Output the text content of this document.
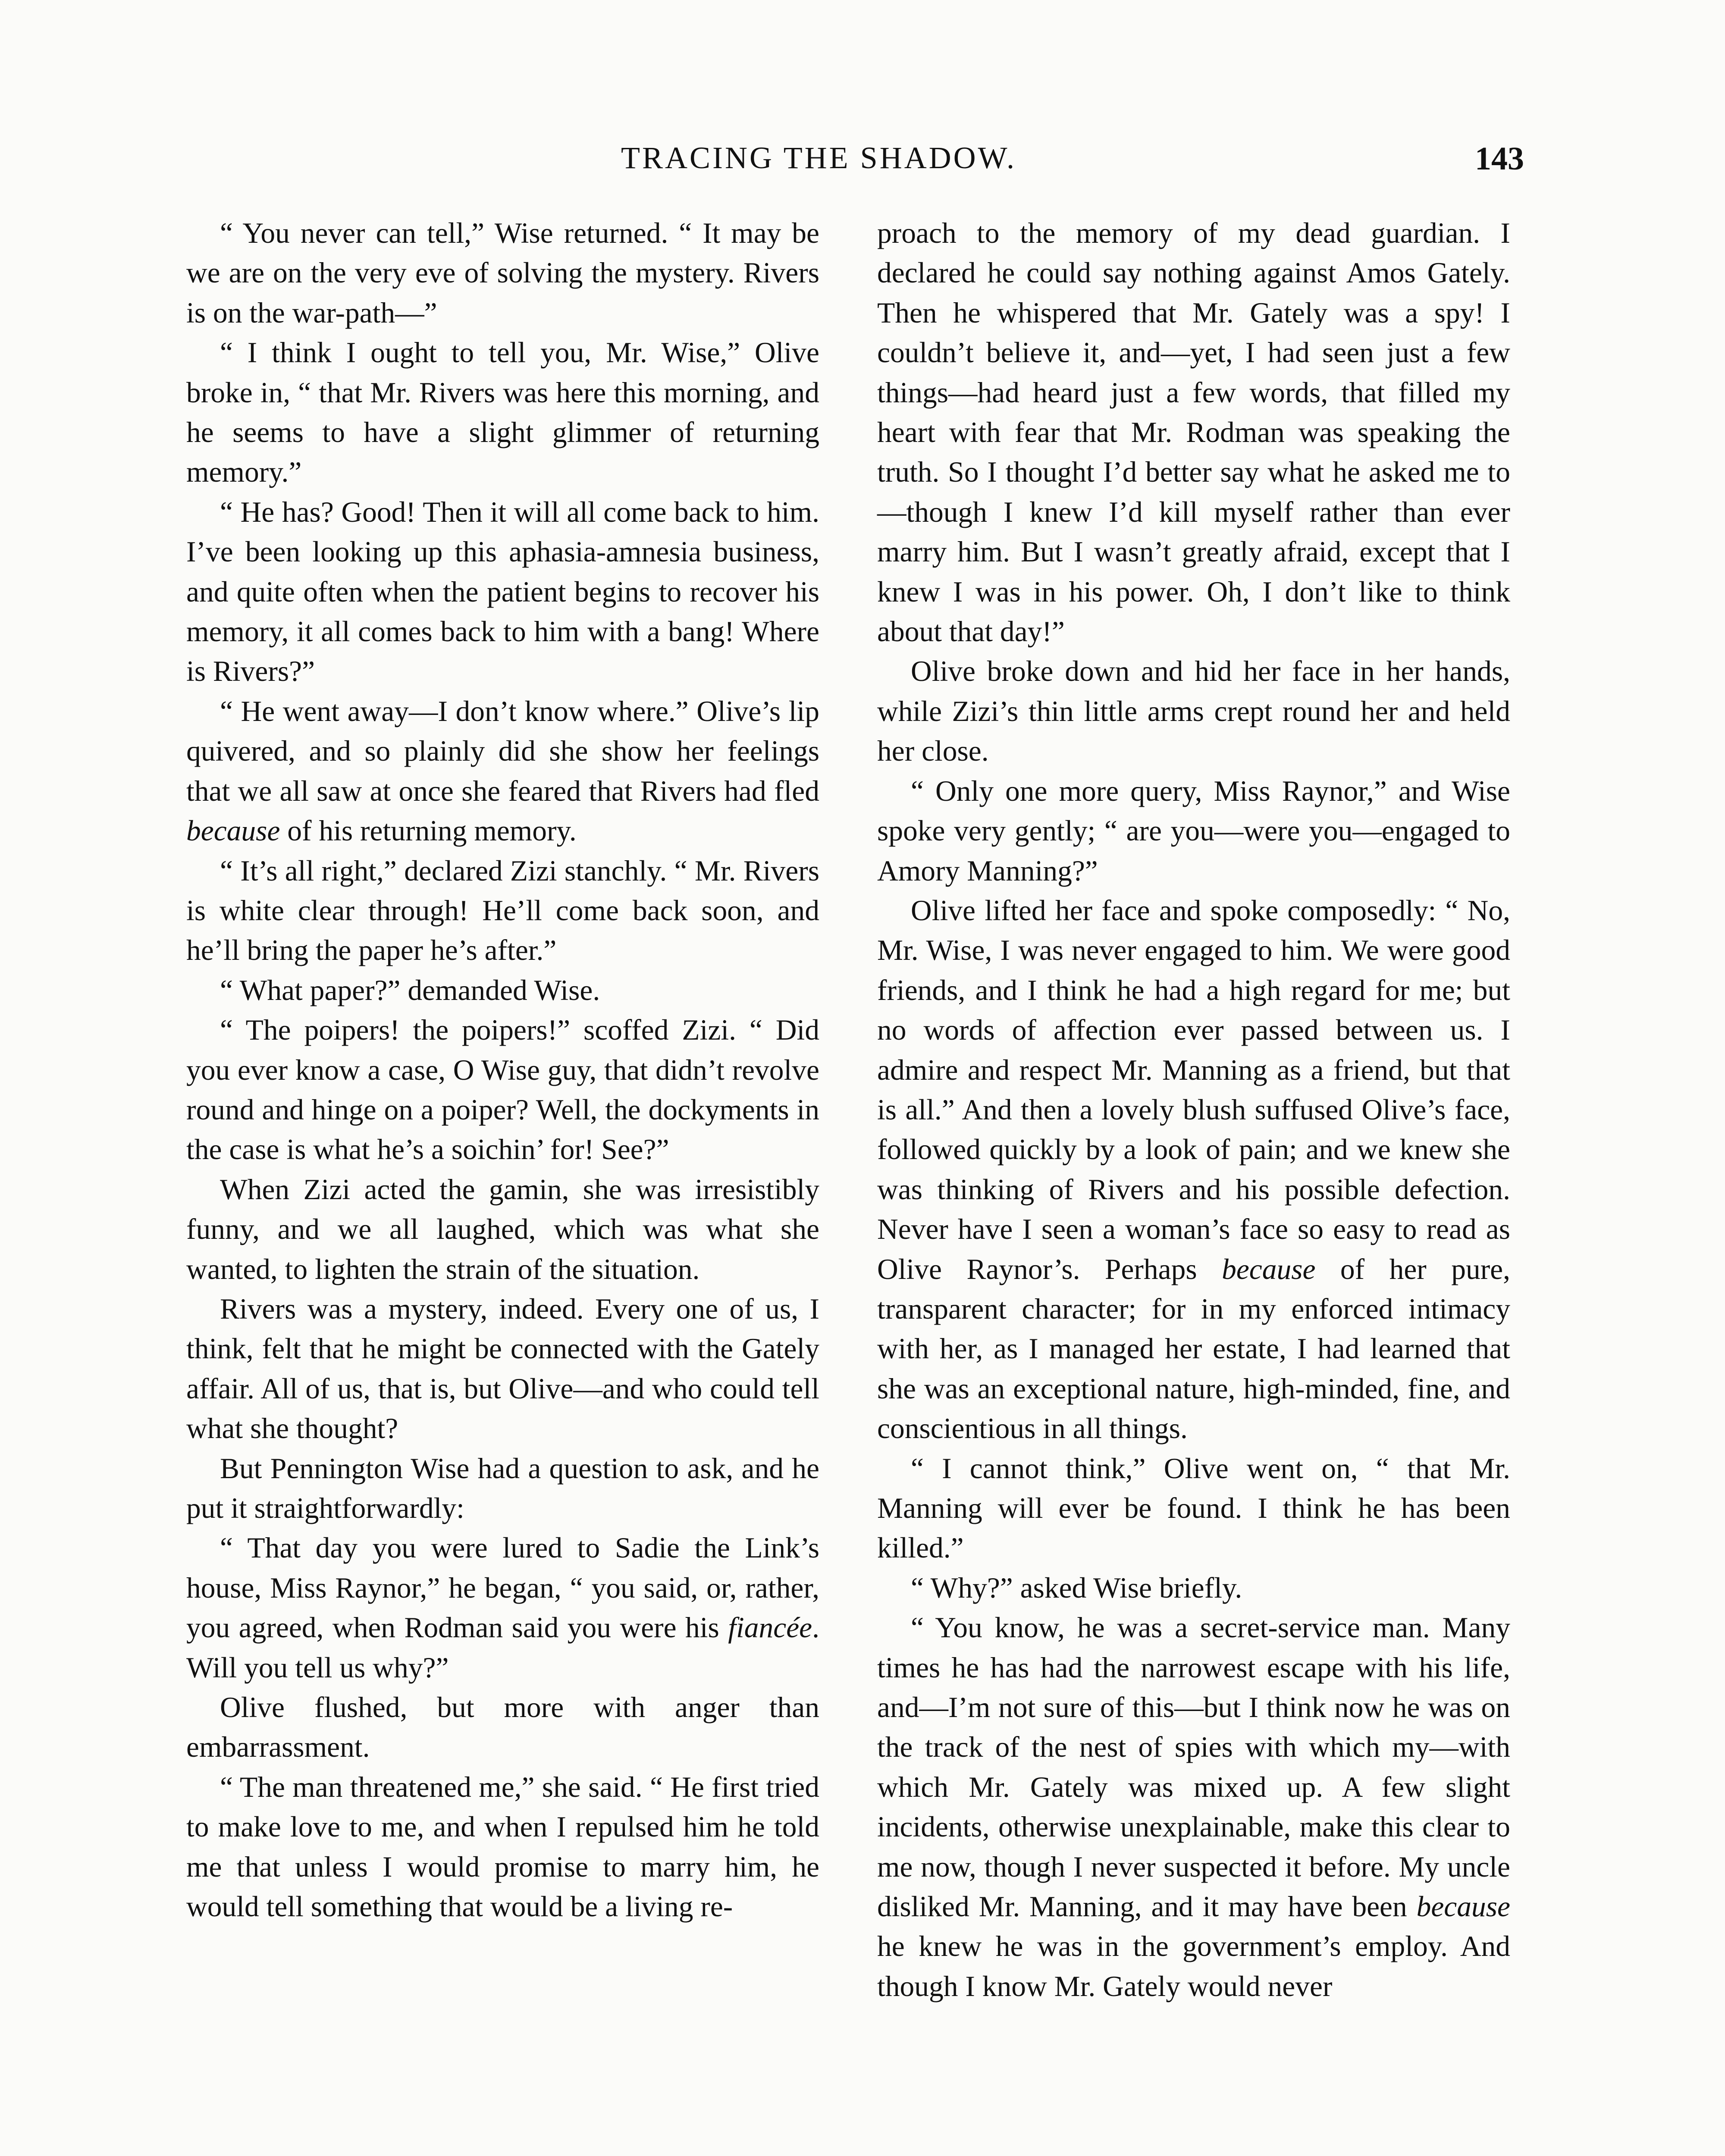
TRACING THE SHADOW.	143

“ You never can tell,” Wise returned. “ It may be we are on the very eve of solving the mystery. Rivers is on the war-path—”

“ I think I ought to tell you, Mr. Wise,” Olive broke in, “ that Mr. Rivers was here this morning, and he seems to have a slight glimmer of returning memory.”

“ He has? Good! Then it will all come back to him. I’ve been looking up this aphasia-amnesia business, and quite often when the patient begins to recover his memory, it all comes back to him with a bang! Where is Rivers?”

“ He went away—I don’t know where.” Olive’s lip quivered, and so plainly did she show her feelings that we all saw at once she feared that Rivers had fled because of his returning memory.

“ It’s all right,” declared Zizi stanchly. “ Mr. Rivers is white clear through! He’ll come back soon, and he’ll bring the paper he’s after.”

“ What paper?” demanded Wise.

“ The poipers! the poipers!” scoffed Zizi. “ Did you ever know a case, O Wise guy, that didn’t revolve round and hinge on a poiper? Well, the dockyments in the case is what he’s a soichin’ for! See?”

When Zizi acted the gamin, she was irresistibly funny, and we all laughed, which was what she wanted, to lighten the strain of the situation.

Rivers was a mystery, indeed. Every one of us, I think, felt that he might be connected with the Gately affair. All of us, that is, but Olive—and who could tell what she thought?

But Pennington Wise had a question to ask, and he put it straightforwardly:

“ That day you were lured to Sadie the Link’s house, Miss Raynor,” he began, “ you said, or, rather, you agreed, when Rodman said you were his fiancée. Will you tell us why?”

Olive flushed, but more with anger than embarrassment.

“ The man threatened me,” she said. “ He first tried to make love to me, and when I repulsed him he told me that unless I would promise to marry him, he would tell something that would be a living re-

proach to the memory of my dead guardian. I declared he could say nothing against Amos Gately. Then he whispered that Mr. Gately was a spy! I couldn’t believe it, and—yet, I had seen just a few things—had heard just a few words, that filled my heart with fear that Mr. Rodman was speaking the truth. So I thought I’d better say what he asked me to—though I knew I’d kill myself rather than ever marry him. But I wasn’t greatly afraid, except that I knew I was in his power. Oh, I don’t like to think about that day!”

Olive broke down and hid her face in her hands, while Zizi’s thin little arms crept round her and held her close.

“ Only one more query, Miss Raynor,” and Wise spoke very gently; “ are you—were you—engaged to Amory Manning?”

Olive lifted her face and spoke composedly: “ No, Mr. Wise, I was never engaged to him. We were good friends, and I think he had a high regard for me; but no words of affection ever passed between us. I admire and respect Mr. Manning as a friend, but that is all.” And then a lovely blush suffused Olive’s face, followed quickly by a look of pain; and we knew she was thinking of Rivers and his possible defection. Never have I seen a woman’s face so easy to read as Olive Raynor’s. Perhaps because of her pure, transparent character; for in my enforced intimacy with her, as I managed her estate, I had learned that she was an exceptional nature, high-minded, fine, and conscientious in all things.

“ I cannot think,” Olive went on, “ that Mr. Manning will ever be found. I think he has been killed.”

“ Why?” asked Wise briefly.

“ You know, he was a secret-service man. Many times he has had the narrowest escape with his life, and—I’m not sure of this—but I think now he was on the track of the nest of spies with which my—with which Mr. Gately was mixed up. A few slight incidents, otherwise unexplainable, make this clear to me now, though I never suspected it before. My uncle disliked Mr. Manning, and it may have been because he knew he was in the government’s employ. And though I know Mr. Gately would never
